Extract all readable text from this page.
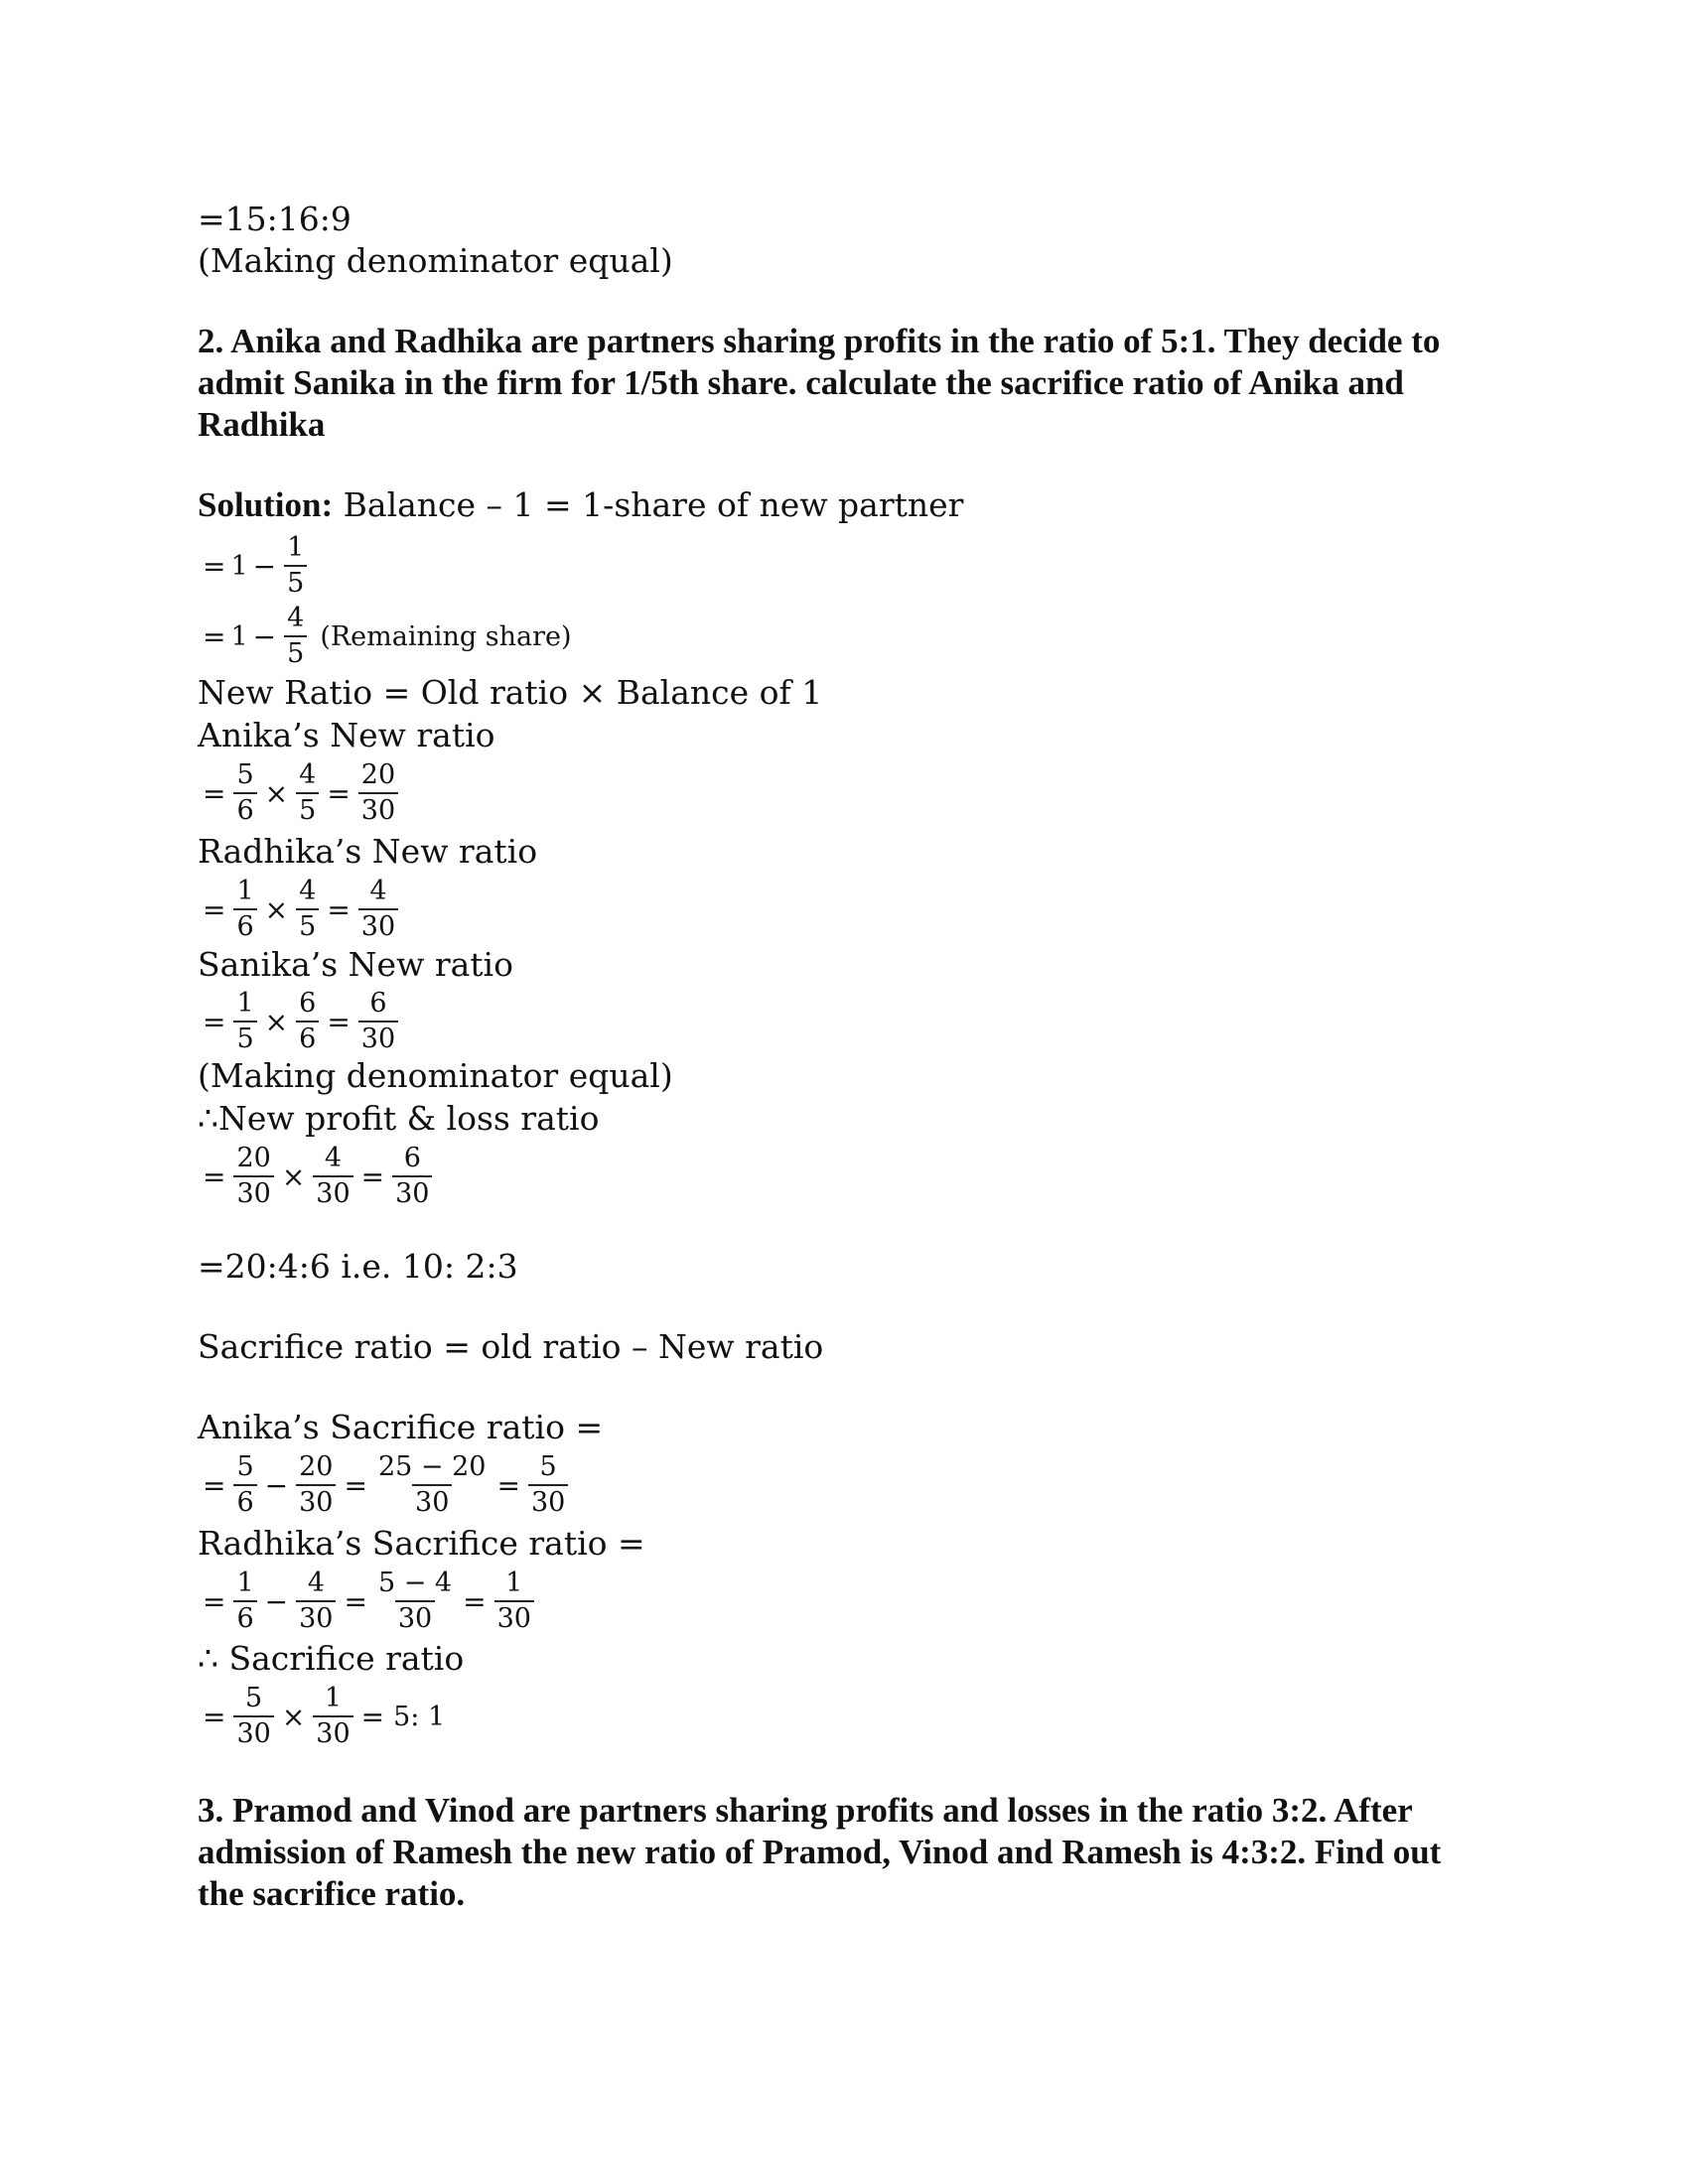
=15:16:9
(Making denominator equal)
2. Anika and Radhika are partners sharing profits in the ratio of 5:1. They decide to admit Sanika in the firm for 1/5th share. calculate the sacrifice ratio of Anika and Radhika
Solution: Balance – 1 = 1-share of new partner
= $1 - \frac{1}{5}$
= $1 - \frac{4}{5}$ (Remaining share)
New Ratio = Old ratio × Balance of 1
Anika’s New ratio
= $\frac{5}{6} \times \frac{4}{5} = \frac{20}{30}$
Radhika’s New ratio
= $\frac{1}{6} \times \frac{4}{5} = \frac{4}{30}$
Sanika’s New ratio
= $\frac{1}{5} \times \frac{6}{6} = \frac{6}{30}$
(Making denominator equal)
∴New profit & loss ratio
= $\frac{20}{30} \times \frac{4}{30} = \frac{6}{30}$
=20:4:6 i.e. 10: 2:3
Sacrifice ratio = old ratio – New ratio
Anika’s Sacrifice ratio =
= $\frac{5}{6} - \frac{20}{30} = \frac{25 - 20}{30} = \frac{5}{30}$
Radhika’s Sacrifice ratio =
= $\frac{1}{6} - \frac{4}{30} = \frac{5 - 4}{30} = \frac{1}{30}$
∴ Sacrifice ratio
= $\frac{5}{30} \times \frac{1}{30} = 5$: 1
3. Pramod and Vinod are partners sharing profits and losses in the ratio 3:2. After admission of Ramesh the new ratio of Pramod, Vinod and Ramesh is 4:3:2. Find out the sacrifice ratio.
